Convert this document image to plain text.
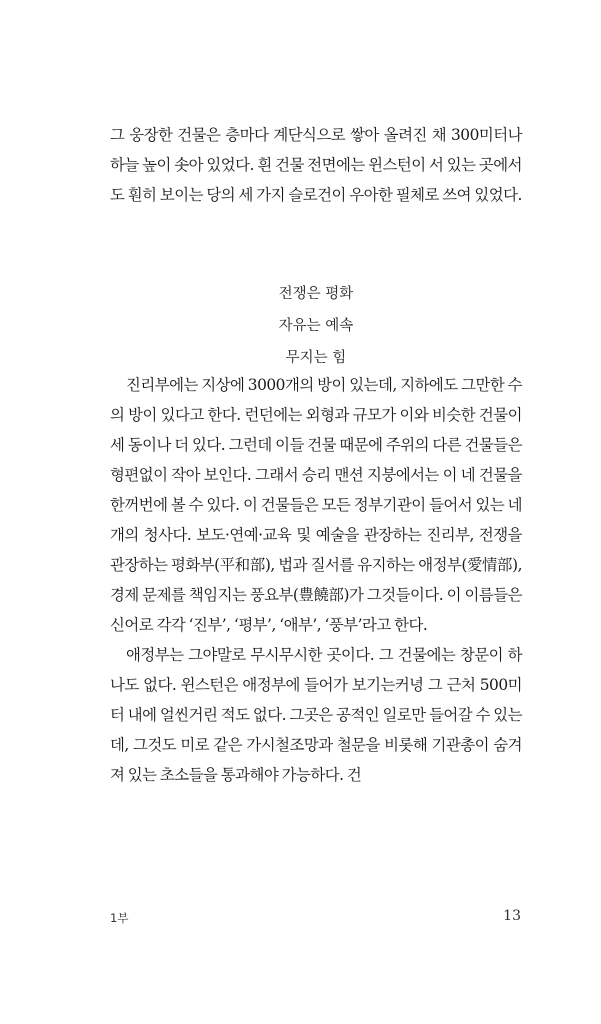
그 웅장한 건물은 층마다 계단식으로 쌓아 올려진 채 300미터나 하늘 높이 솟아 있었다. 흰 건물 전면에는 윈스턴이 서 있는 곳에서도 훤히 보이는 당의 세 가지 슬로건이 우아한 필체로 쓰여 있었다.

전쟁은 평화
자유는 예속
무지는 힘

진리부에는 지상에 3000개의 방이 있는데, 지하에도 그만한 수의 방이 있다고 한다. 런던에는 외형과 규모가 이와 비슷한 건물이 세 동이나 더 있다. 그런데 이들 건물 때문에 주위의 다른 건물들은 형편없이 작아 보인다. 그래서 승리 맨션 지붕에서는 이 네 건물을 한꺼번에 볼 수 있다. 이 건물들은 모든 정부기관이 들어서 있는 네 개의 청사다. 보도·연예·교육 및 예술을 관장하는 진리부, 전쟁을 관장하는 평화부(平和部), 법과 질서를 유지하는 애정부(愛情部), 경제 문제를 책임지는 풍요부(豊饒部)가 그것들이다. 이 이름들은 신어로 각각 ‘진부’, ‘평부’, ‘애부’, ‘풍부’라고 한다.

애정부는 그야말로 무시무시한 곳이다. 그 건물에는 창문이 하나도 없다. 윈스턴은 애정부에 들어가 보기는커녕 그 근처 500미터 내에 얼씬거린 적도 없다. 그곳은 공적인 일로만 들어갈 수 있는데, 그것도 미로 같은 가시철조망과 철문을 비롯해 기관총이 숨겨져 있는 초소들을 통과해야 가능하다. 건

1부	13
